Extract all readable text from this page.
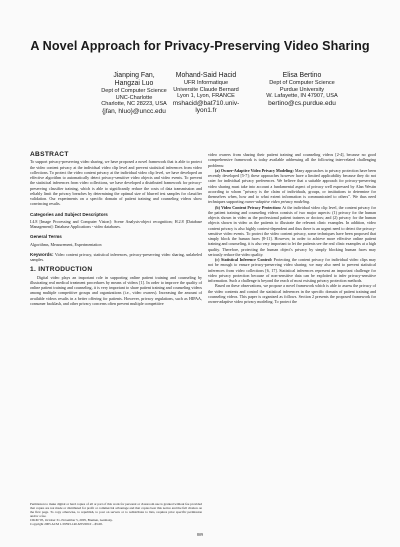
A Novel Approach for Privacy-Preserving Video Sharing
Jianping Fan,
Hangzai Luo
Dept of Computer Science
UNC-Charlotte
Charlotte, NC 28223, USA
{jfan, hluo}@uncc.edu
Mohand-Said Hacid
UFR Informatique
Universite Claude Bernard
Lyon 1, Lyon, FRANCE
mshacid@bat710.univ-lyon1.fr
Elisa Bertino
Dept of Computer Science
Purdue University
W. Lafayette, IN 47907, USA
bertino@cs.purdue.edu
ABSTRACT

To support privacy-preserving video sharing, we have proposed a novel framework that is able to protect the video content privacy at the individual video clip level and prevent statistical inferences from video collections. To protect the video content privacy at the individual video clip level, we have developed an effective algorithm to automatically detect privacy-sensitive video objects and video events. To prevent the statistical inferences from video collections, we have developed a distributed framework for privacy-preserving classifier training, which is able to significantly reduce the costs of data transmission and reliably limit the privacy breaches by determining the optimal size of blurred test samples for classifier validation. Our experiments on a specific domain of patient training and counseling videos show convincing results.

Categories and Subject Descriptors

I.4.8 [Image Processing and Computer Vision]: Scene Analysis-object recognition; H.2.8 [Database Management]: Database Applications - video databases.

General Terms

Algorithms, Measurement, Experimentation

Keywords: Video content privacy, statistical inferences, privacy-preserving video sharing, unlabeled samples.

1. INTRODUCTION

Digital video plays an important role in supporting online patient training and counseling by illustrating real medical treatment procedures by means of videos [1]. In order to improve the quality of online patient training and counseling, it is very important to share patient training and counseling videos among multiple competitive groups and organizations (i.e., video owners). Increasing the amount of available videos results in a better offering for patients. However, privacy regulations, such as HIPAA, consumer backlash, and other privacy concerns often prevent multiple competitive

Permission to make digital or hard copies of all or part of this work for personal or classroom use is granted without fee provided that copies are not made or distributed for profit or commercial advantage and that copies bear this notice and the full citation on the first page. To copy otherwise, to republish, to post on servers or to redistribute to lists, requires prior specific permission and/or a fee.

CIKM '05, October 31–November 5, 2005, Bremen, Germany.

Copyright 2005 ACM 1-59593-140-6/05/0010 ...$5.00.

video owners from sharing their patient training and counseling videos [2-4], because no good comprehensive framework is today available addressing all the following inter-related challenging problems:

(a) Owner-Adaptive Video Privacy Modeling: Many approaches to privacy protection have been recently developed [5-7]; these approaches however have a limited applicability because they do not cater for individual privacy preferences. We believe that a suitable approach for privacy-preserving video sharing must take into account a fundamental aspect of privacy well expressed by Alan Westin according to whom "privacy is the claim of individuals, groups, or institutions to determine for themselves when, how and to what extent information is communicated to others". We thus need techniques supporting owner-adaptive video privacy modeling.

(b) Video Content Privacy Protection: At the individual video clip level, the content privacy for the patient training and counseling videos consists of two major aspects: (1) privacy for the human objects shown in video as the professional patient trainers or doctors; and (2) privacy for the human objects shown in video as the patients to illustrate the relevant clinic examples. In addition, video content privacy is also highly context-dependent and thus there is an urgent need to detect the privacy-sensitive video events. To protect the video content privacy, some techniques have been proposed that simply block the human faces [8-11]. However, in order to achieve more effective online patient training and counseling, it is also very important to let the patients see the real clinic examples at a high quality. Therefore, protecting the human object's privacy by simply blocking human faces may seriously reduce the video quality.

(c) Statistical Inference Control: Protecting the content privacy for individual video clips may not be enough to ensure privacy-preserving video sharing; we may also need to prevent statistical inferences from video collections [6, 17]. Statistical inferences represent an important challenge for video privacy protection because of non-sensitive data can be exploited to infer privacy-sensitive information. Such a challenge is beyond the reach of most existing privacy protection methods.

Based on these observations, we propose a novel framework which is able to assess the privacy of the video contents and control the statistical inferences in the specific domain of patient training and counseling videos. This paper is organized as follows. Section 2 presents the proposed framework for owner-adaptive video privacy modeling. To protect the

809
